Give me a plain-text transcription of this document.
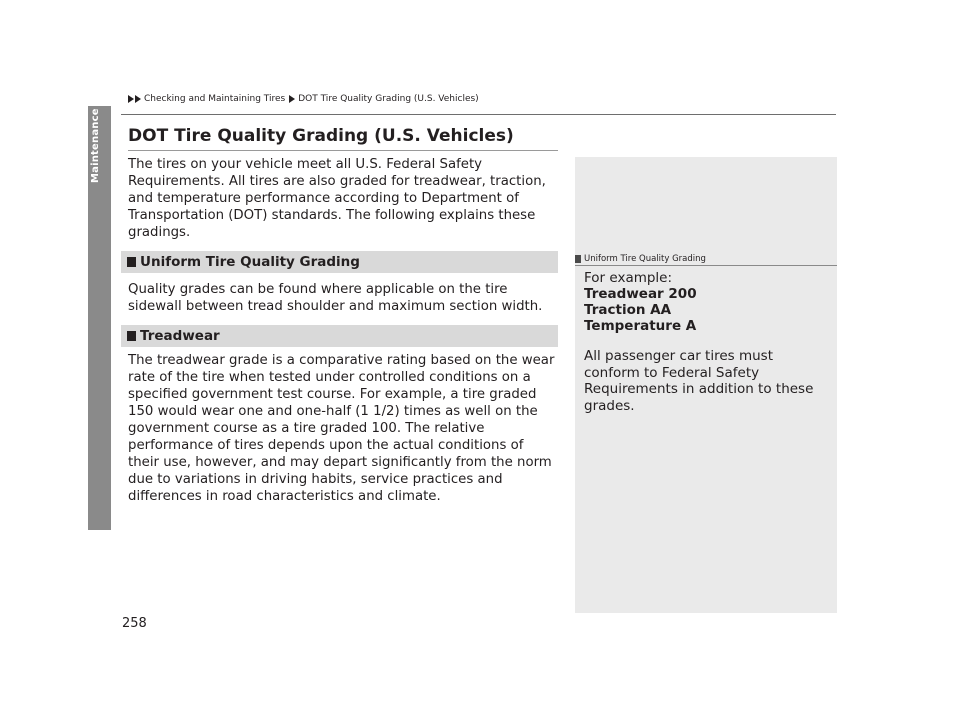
Maintenance
Checking and Maintaining Tires DOT Tire Quality Grading (U.S. Vehicles)
DOT Tire Quality Grading (U.S. Vehicles)

The tires on your vehicle meet all U.S. Federal Safety Requirements. All tires are also graded for treadwear, traction, and temperature performance according to Department of Transportation (DOT) standards. The following explains these gradings.

Uniform Tire Quality Grading

Quality grades can be found where applicable on the tire sidewall between tread shoulder and maximum section width.

Treadwear

The treadwear grade is a comparative rating based on the wear rate of the tire when tested under controlled conditions on a specified government test course. For example, a tire graded 150 would wear one and one-half (1 1/2) times as well on the government course as a tire graded 100. The relative performance of tires depends upon the actual conditions of their use, however, and may depart significantly from the norm due to variations in driving habits, service practices and differences in road characteristics and climate.

Uniform Tire Quality Grading

For example:

Treadwear 200

Traction AA

Temperature A

All passenger car tires must conform to Federal Safety Requirements in addition to these grades.

258
